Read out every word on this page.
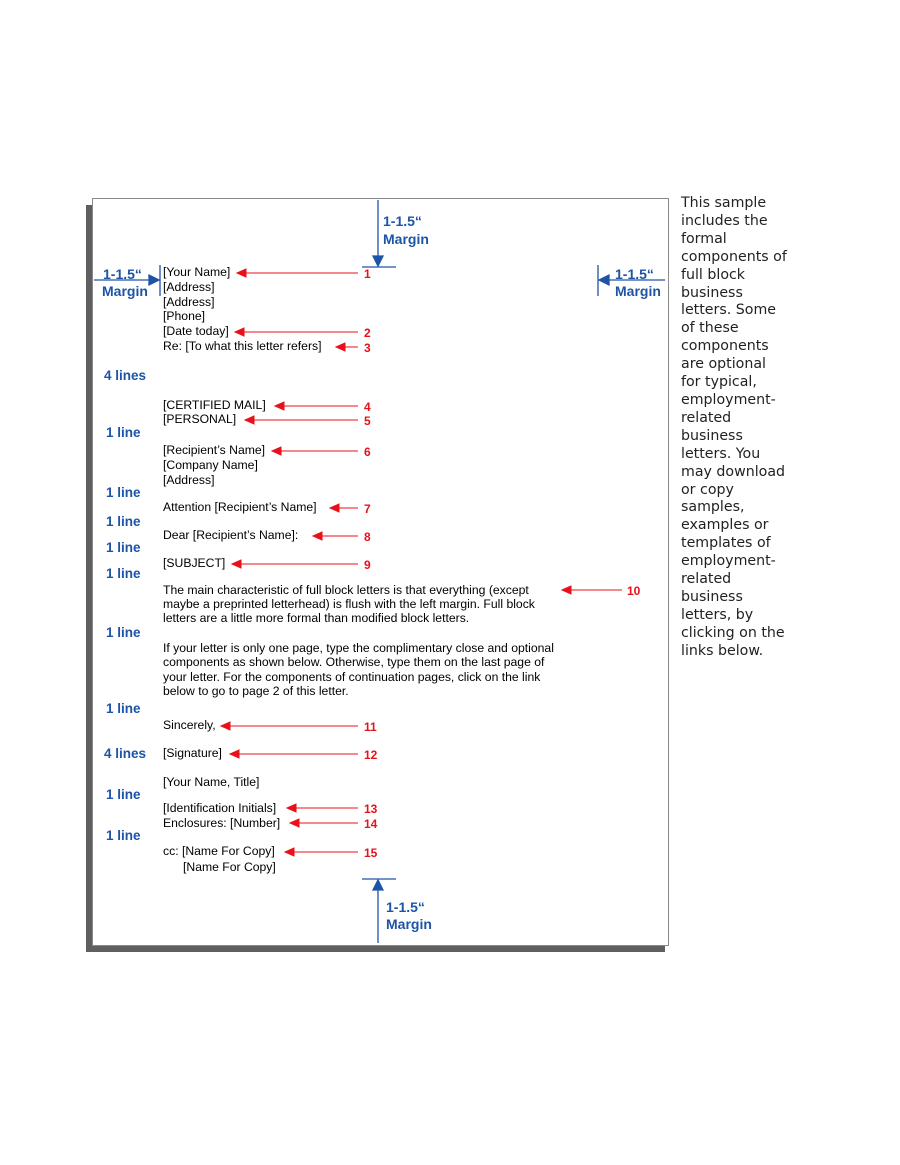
[Your Name]
[Address]
[Address]
[Phone]
[Date today]
Re: [To what this letter refers]
[CERTIFIED MAIL]
[PERSONAL]
[Recipient’s Name]
[Company Name]
[Address]
Attention [Recipient’s Name]
Dear [Recipient’s Name]:
[SUBJECT]
The main characteristic of full block letters is that everything (except
maybe a preprinted letterhead) is flush with the left margin. Full block
letters are a little more formal than modified block letters.
If your letter is only one page, type the complimentary close and optional
components as shown below. Otherwise, type them on the last page of
your letter. For the components of continuation pages, click on the link
below to go to page 2 of this letter.
Sincerely,
[Signature]
[Your Name, Title]
[Identification Initials]
Enclosures: [Number]
cc: [Name For Copy]
[Name For Copy]
4 lines
1 line
1 line
1 line
1 line
1 line
1 line
1 line
4 lines
1 line
1 line
1-1.5“
Margin
1-1.5“
Margin
1-1.5“
Margin
1-1.5“
Margin
1
2
3
4
5
6
7
8
9
10
11
12
13
14
15
This sample
includes the
formal
components of
full block
business
letters. Some
of these
components
are optional
for typical,
employment-
related
business
letters. You
may download
or copy
samples,
examples or
templates of
employment-
related
business
letters, by
clicking on the
links below.
